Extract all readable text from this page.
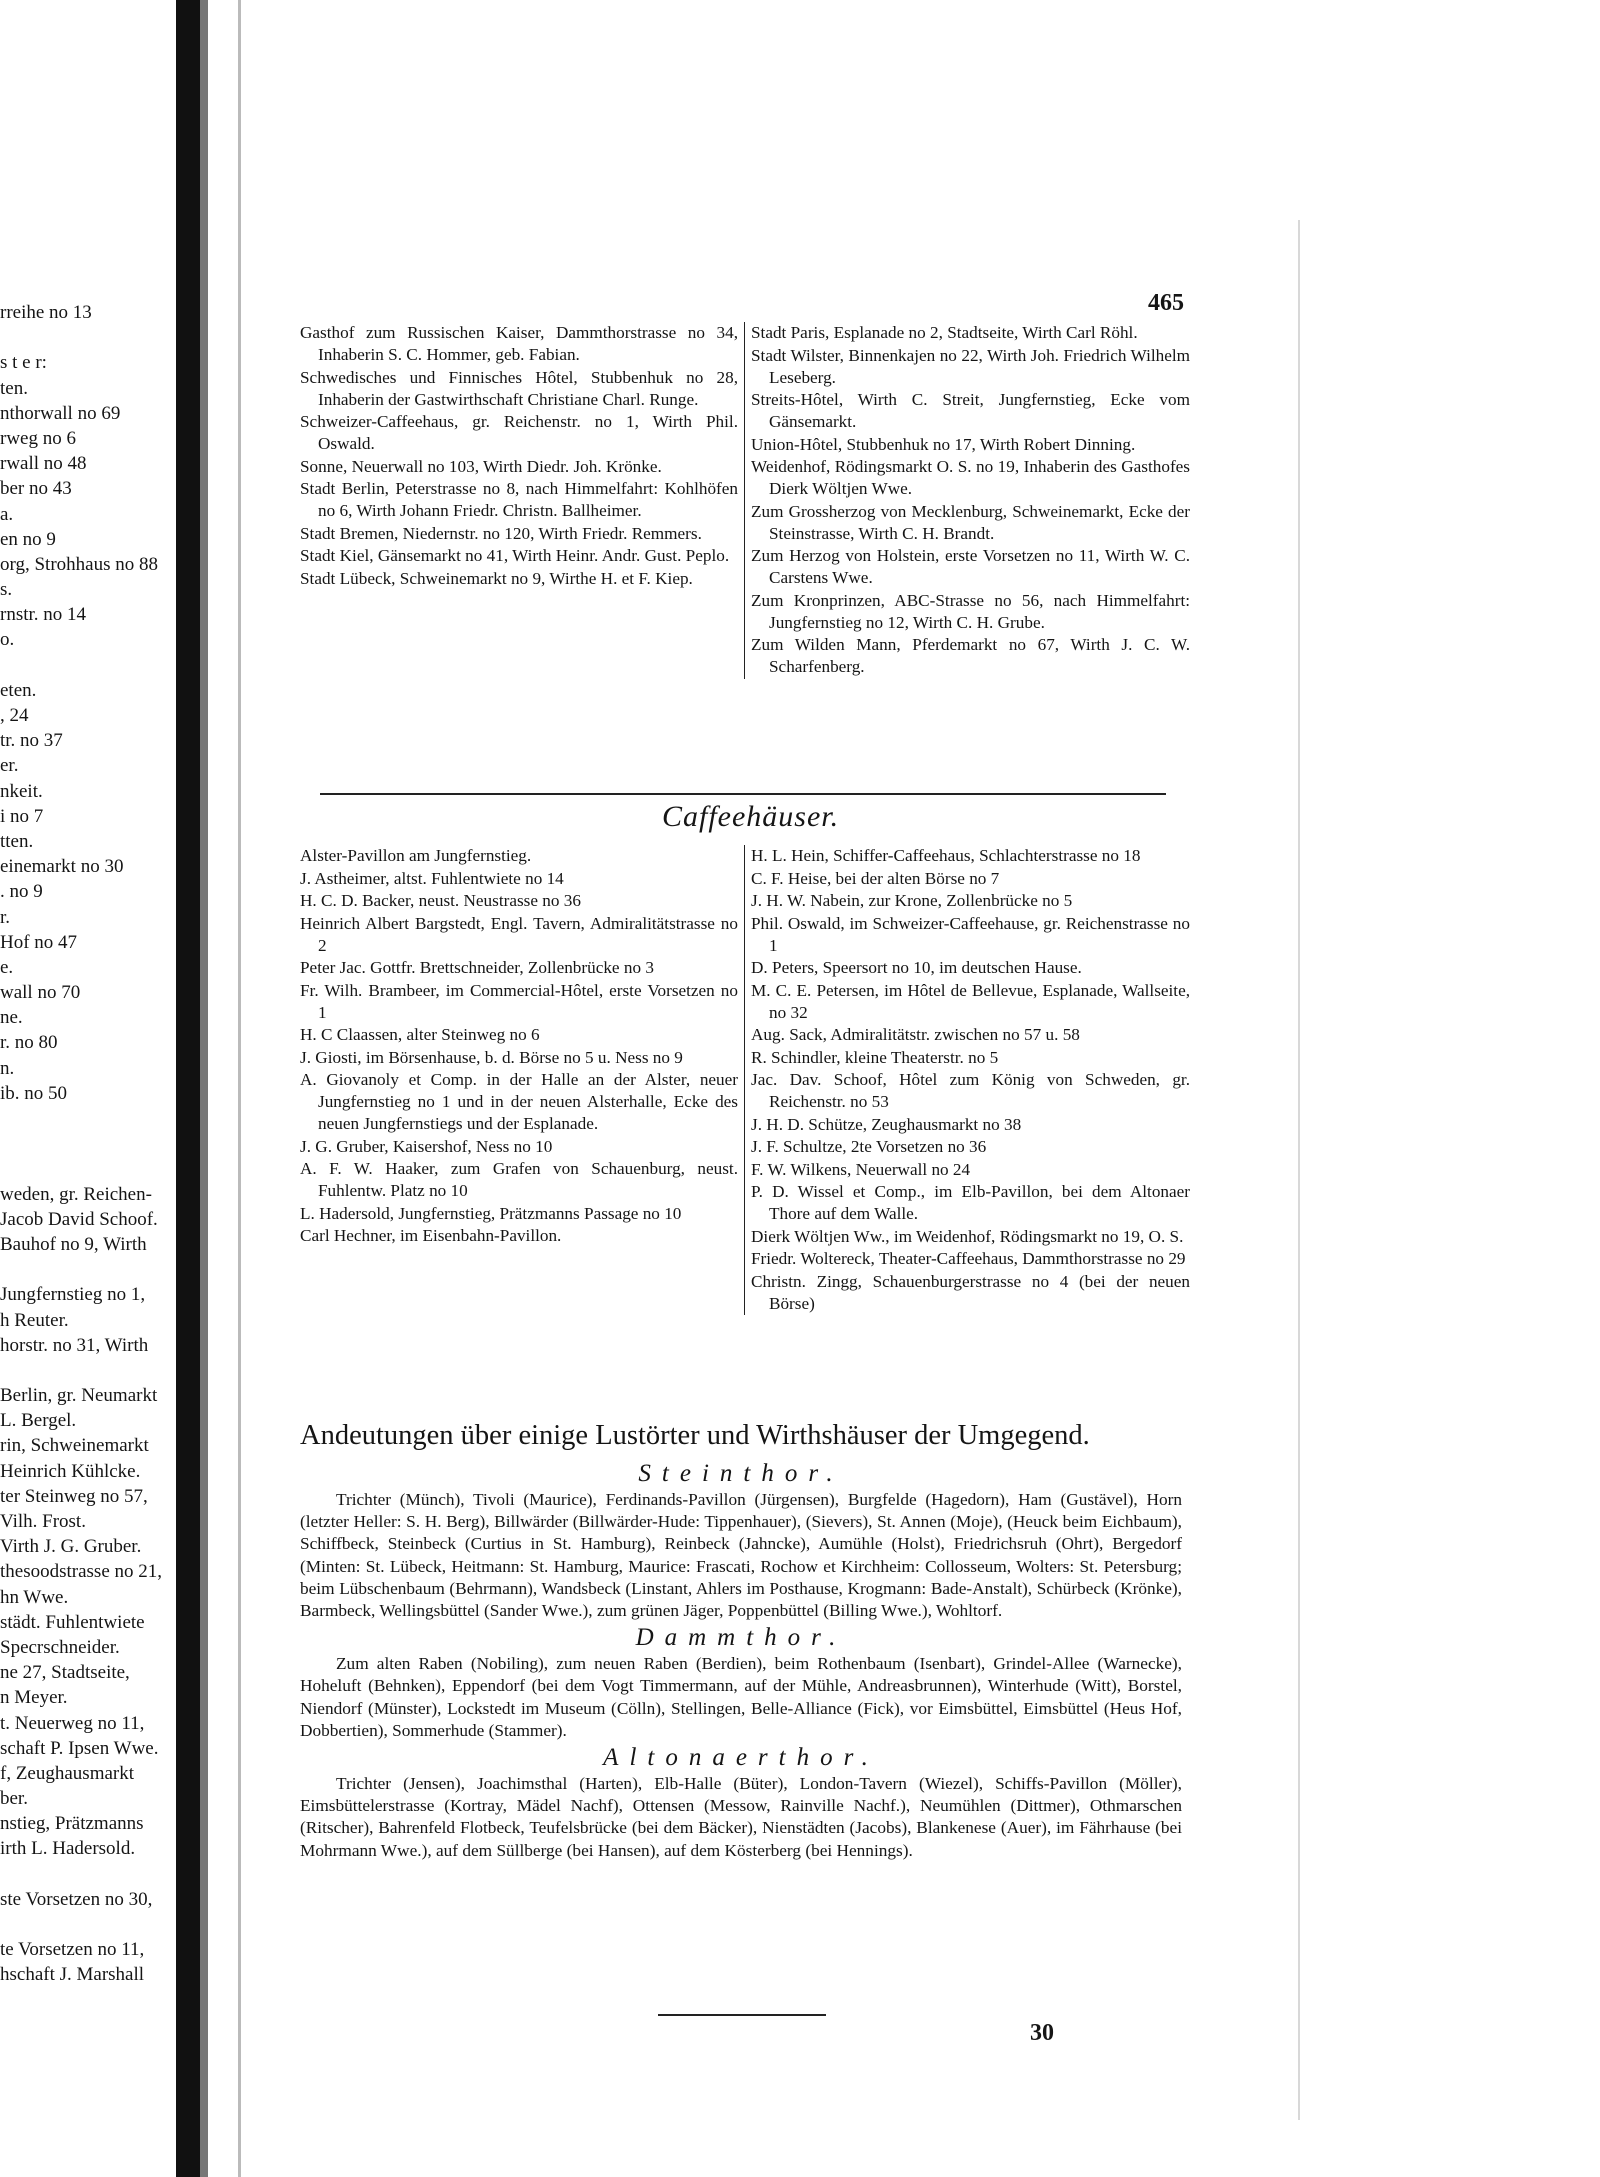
rreihe no 13
s t e r:
ten.
nthorwall no 69
rweg no 6
rwall no 48
ber no 43
a.
en no 9
org, Strohhaus no 88
s.
rnstr. no 14
o.
eten.
, 24
tr. no 37
er.
nkeit.
i no 7
tten.
einemarkt no 30
. no 9
r.
Hof no 47
e.
wall no 70
ne.
r. no 80
n.
ib. no 50
weden, gr. Reichen-
Jacob David Schoof.
Bauhof no 9, Wirth
Jungfernstieg no 1,
h Reuter.
horstr. no 31, Wirth
Berlin, gr. Neumarkt
L. Bergel.
rin, Schweinemarkt
Heinrich Kühlcke.
ter Steinweg no 57,
Vilh. Frost.
Virth J. G. Gruber.
thesoodstrasse no 21,
hn Wwe.
städt. Fuhlentwiete
Specrschneider.
ne 27, Stadtseite,
n Meyer.
t. Neuerweg no 11,
schaft P. Ipsen Wwe.
f, Zeughausmarkt
ber.
nstieg, Prätzmanns
irth L. Hadersold.
ste Vorsetzen no 30,
te Vorsetzen no 11,
hschaft J. Marshall
465
Gasthof zum Russischen Kaiser, Dammthorstrasse no 34, Inhaberin S. C. Hommer, geb. Fabian.
Schwedisches und Finnisches Hôtel, Stubbenhuk no 28, Inhaberin der Gastwirthschaft Christiane Charl. Runge.
Schweizer-Caffeehaus, gr. Reichenstr. no 1, Wirth Phil. Oswald.
Sonne, Neuerwall no 103, Wirth Diedr. Joh. Krönke.
Stadt Berlin, Peterstrasse no 8, nach Himmelfahrt: Kohlhöfen no 6, Wirth Johann Friedr. Christn. Ballheimer.
Stadt Bremen, Niedernstr. no 120, Wirth Friedr. Remmers.
Stadt Kiel, Gänsemarkt no 41, Wirth Heinr. Andr. Gust. Peplo.
Stadt Lübeck, Schweinemarkt no 9, Wirthe H. et F. Kiep.
Stadt Paris, Esplanade no 2, Stadtseite, Wirth Carl Röhl.
Stadt Wilster, Binnenkajen no 22, Wirth Joh. Friedrich Wilhelm Leseberg.
Streits-Hôtel, Wirth C. Streit, Jungfernstieg, Ecke vom Gänsemarkt.
Union-Hôtel, Stubbenhuk no 17, Wirth Robert Dinning.
Weidenhof, Rödingsmarkt O. S. no 19, Inhaberin des Gasthofes Dierk Wöltjen Wwe.
Zum Grossherzog von Mecklenburg, Schweinemarkt, Ecke der Steinstrasse, Wirth C. H. Brandt.
Zum Herzog von Holstein, erste Vorsetzen no 11, Wirth W. C. Carstens Wwe.
Zum Kronprinzen, ABC-Strasse no 56, nach Himmelfahrt: Jungfernstieg no 12, Wirth C. H. Grube.
Zum Wilden Mann, Pferdemarkt no 67, Wirth J. C. W. Scharfenberg.
Caffeehäuser.
Alster-Pavillon am Jungfernstieg.
J. Astheimer, altst. Fuhlentwiete no 14
H. C. D. Backer, neust. Neustrasse no 36
Heinrich Albert Bargstedt, Engl. Tavern, Admiralitätstrasse no 2
Peter Jac. Gottfr. Brettschneider, Zollenbrücke no 3
Fr. Wilh. Brambeer, im Commercial-Hôtel, erste Vorsetzen no 1
H. C Claassen, alter Steinweg no 6
J. Giosti, im Börsenhause, b. d. Börse no 5 u. Ness no 9
A. Giovanoly et Comp. in der Halle an der Alster, neuer Jungfernstieg no 1 und in der neuen Alsterhalle, Ecke des neuen Jungfernstiegs und der Esplanade.
J. G. Gruber, Kaisershof, Ness no 10
A. F. W. Haaker, zum Grafen von Schauenburg, neust. Fuhlentw. Platz no 10
L. Hadersold, Jungfernstieg, Prätzmanns Passage no 10
Carl Hechner, im Eisenbahn-Pavillon.
H. L. Hein, Schiffer-Caffeehaus, Schlachterstrasse no 18
C. F. Heise, bei der alten Börse no 7
J. H. W. Nabein, zur Krone, Zollenbrücke no 5
Phil. Oswald, im Schweizer-Caffeehause, gr. Reichenstrasse no 1
D. Peters, Speersort no 10, im deutschen Hause.
M. C. E. Petersen, im Hôtel de Bellevue, Esplanade, Wallseite, no 32
Aug. Sack, Admiralitätstr. zwischen no 57 u. 58
R. Schindler, kleine Theaterstr. no 5
Jac. Dav. Schoof, Hôtel zum König von Schweden, gr. Reichenstr. no 53
J. H. D. Schütze, Zeughausmarkt no 38
J. F. Schultze, 2te Vorsetzen no 36
F. W. Wilkens, Neuerwall no 24
P. D. Wissel et Comp., im Elb-Pavillon, bei dem Altonaer Thore auf dem Walle.
Dierk Wöltjen Ww., im Weidenhof, Rödingsmarkt no 19, O. S.
Friedr. Woltereck, Theater-Caffeehaus, Dammthorstrasse no 29
Christn. Zingg, Schauenburgerstrasse no 4 (bei der neuen Börse)
Andeutungen über einige Lustörter und Wirthshäuser der Umgegend.
Steinthor.
Trichter (Münch), Tivoli (Maurice), Ferdinands-Pavillon (Jürgensen), Burgfelde (Hagedorn), Ham (Gustävel), Horn (letzter Heller: S. H. Berg), Billwärder (Billwärder-Hude: Tippenhauer), (Sievers), St. Annen (Moje), (Heuck beim Eichbaum), Schiffbeck, Steinbeck (Curtius in St. Hamburg), Reinbeck (Jahncke), Aumühle (Holst), Friedrichsruh (Ohrt), Bergedorf (Minten: St. Lübeck, Heitmann: St. Hamburg, Maurice: Frascati, Rochow et Kirchheim: Collosseum, Wolters: St. Petersburg; beim Lübschenbaum (Behrmann), Wandsbeck (Linstant, Ahlers im Posthause, Krogmann: Bade-Anstalt), Schürbeck (Krönke), Barmbeck, Wellingsbüttel (Sander Wwe.), zum grünen Jäger, Poppenbüttel (Billing Wwe.), Wohltorf.
Dammthor.
Zum alten Raben (Nobiling), zum neuen Raben (Berdien), beim Rothenbaum (Isenbart), Grindel-Allee (Warnecke), Hoheluft (Behnken), Eppendorf (bei dem Vogt Timmermann, auf der Mühle, Andreasbrunnen), Winterhude (Witt), Borstel, Niendorf (Münster), Lockstedt im Museum (Cölln), Stellingen, Belle-Alliance (Fick), vor Eimsbüttel, Eimsbüttel (Heus Hof, Dobbertien), Sommerhude (Stammer).
Altonaerthor.
Trichter (Jensen), Joachimsthal (Harten), Elb-Halle (Büter), London-Tavern (Wiezel), Schiffs-Pavillon (Möller), Eimsbüttelerstrasse (Kortray, Mädel Nachf), Ottensen (Messow, Rainville Nachf.), Neumühlen (Dittmer), Othmarschen (Ritscher), Bahrenfeld Flotbeck, Teufelsbrücke (bei dem Bäcker), Nienstädten (Jacobs), Blankenese (Auer), im Fährhause (bei Mohrmann Wwe.), auf dem Süllberge (bei Hansen), auf dem Kösterberg (bei Hennings).
30
